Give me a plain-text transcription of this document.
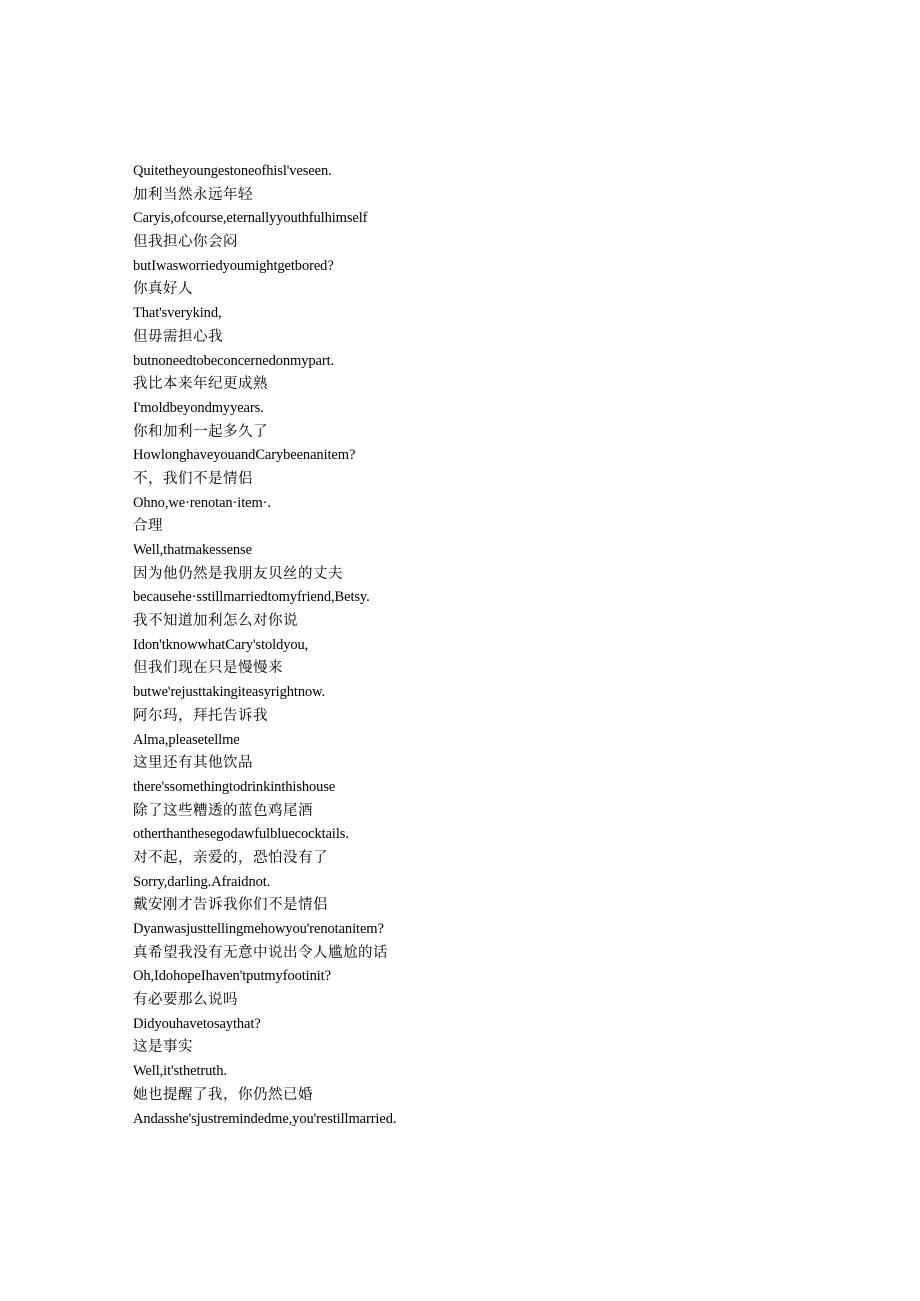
Quitetheyoungestoneofhisl'veseen.
加利当然永远年轻
Caryis,ofcourse,eternallyyouthfulhimself
但我担心你会闷
butIwasworriedyoumightgetbored?
你真好人
That'sverykind,
但毋需担心我
butnoneedtobeconcernedonmypart.
我比本来年纪更成熟
I'moldbeyondmyyears.
你和加利一起多久了
HowlonghaveyouandCarybeenanitem?
不，我们不是情侣
Ohno,we·renotan·item·.
合理
Well,thatmakessense
因为他仍然是我朋友贝丝的丈夫
becausehe·sstillmarriedtomyfriend,Betsy.
我不知道加利怎么对你说
Idon'tknowwhatCary'stoldyou,
但我们现在只是慢慢来
butwe'rejusttakingiteasyrightnow.
阿尔玛，拜托告诉我
Alma,pleasetellme
这里还有其他饮品
there'ssomethingtodrinkinthishouse
除了这些糟透的蓝色鸡尾酒
otherthanthesegodawfulbluecocktails.
对不起，亲爱的，恐怕没有了
Sorry,darling.Afraidnot.
戴安刚才告诉我你们不是情侣
Dyanwasjusttellingmehowyou'renotanitem?
真希望我没有无意中说出令人尴尬的话
Oh,IdohopeIhaven'tputmyfootinit?
有必要那么说吗
Didyouhavetosaythat?
这是事实
Well,it'sthetruth.
她也提醒了我，你仍然已婚
Andasshe'sjustremindedme,you'restillmarried.
